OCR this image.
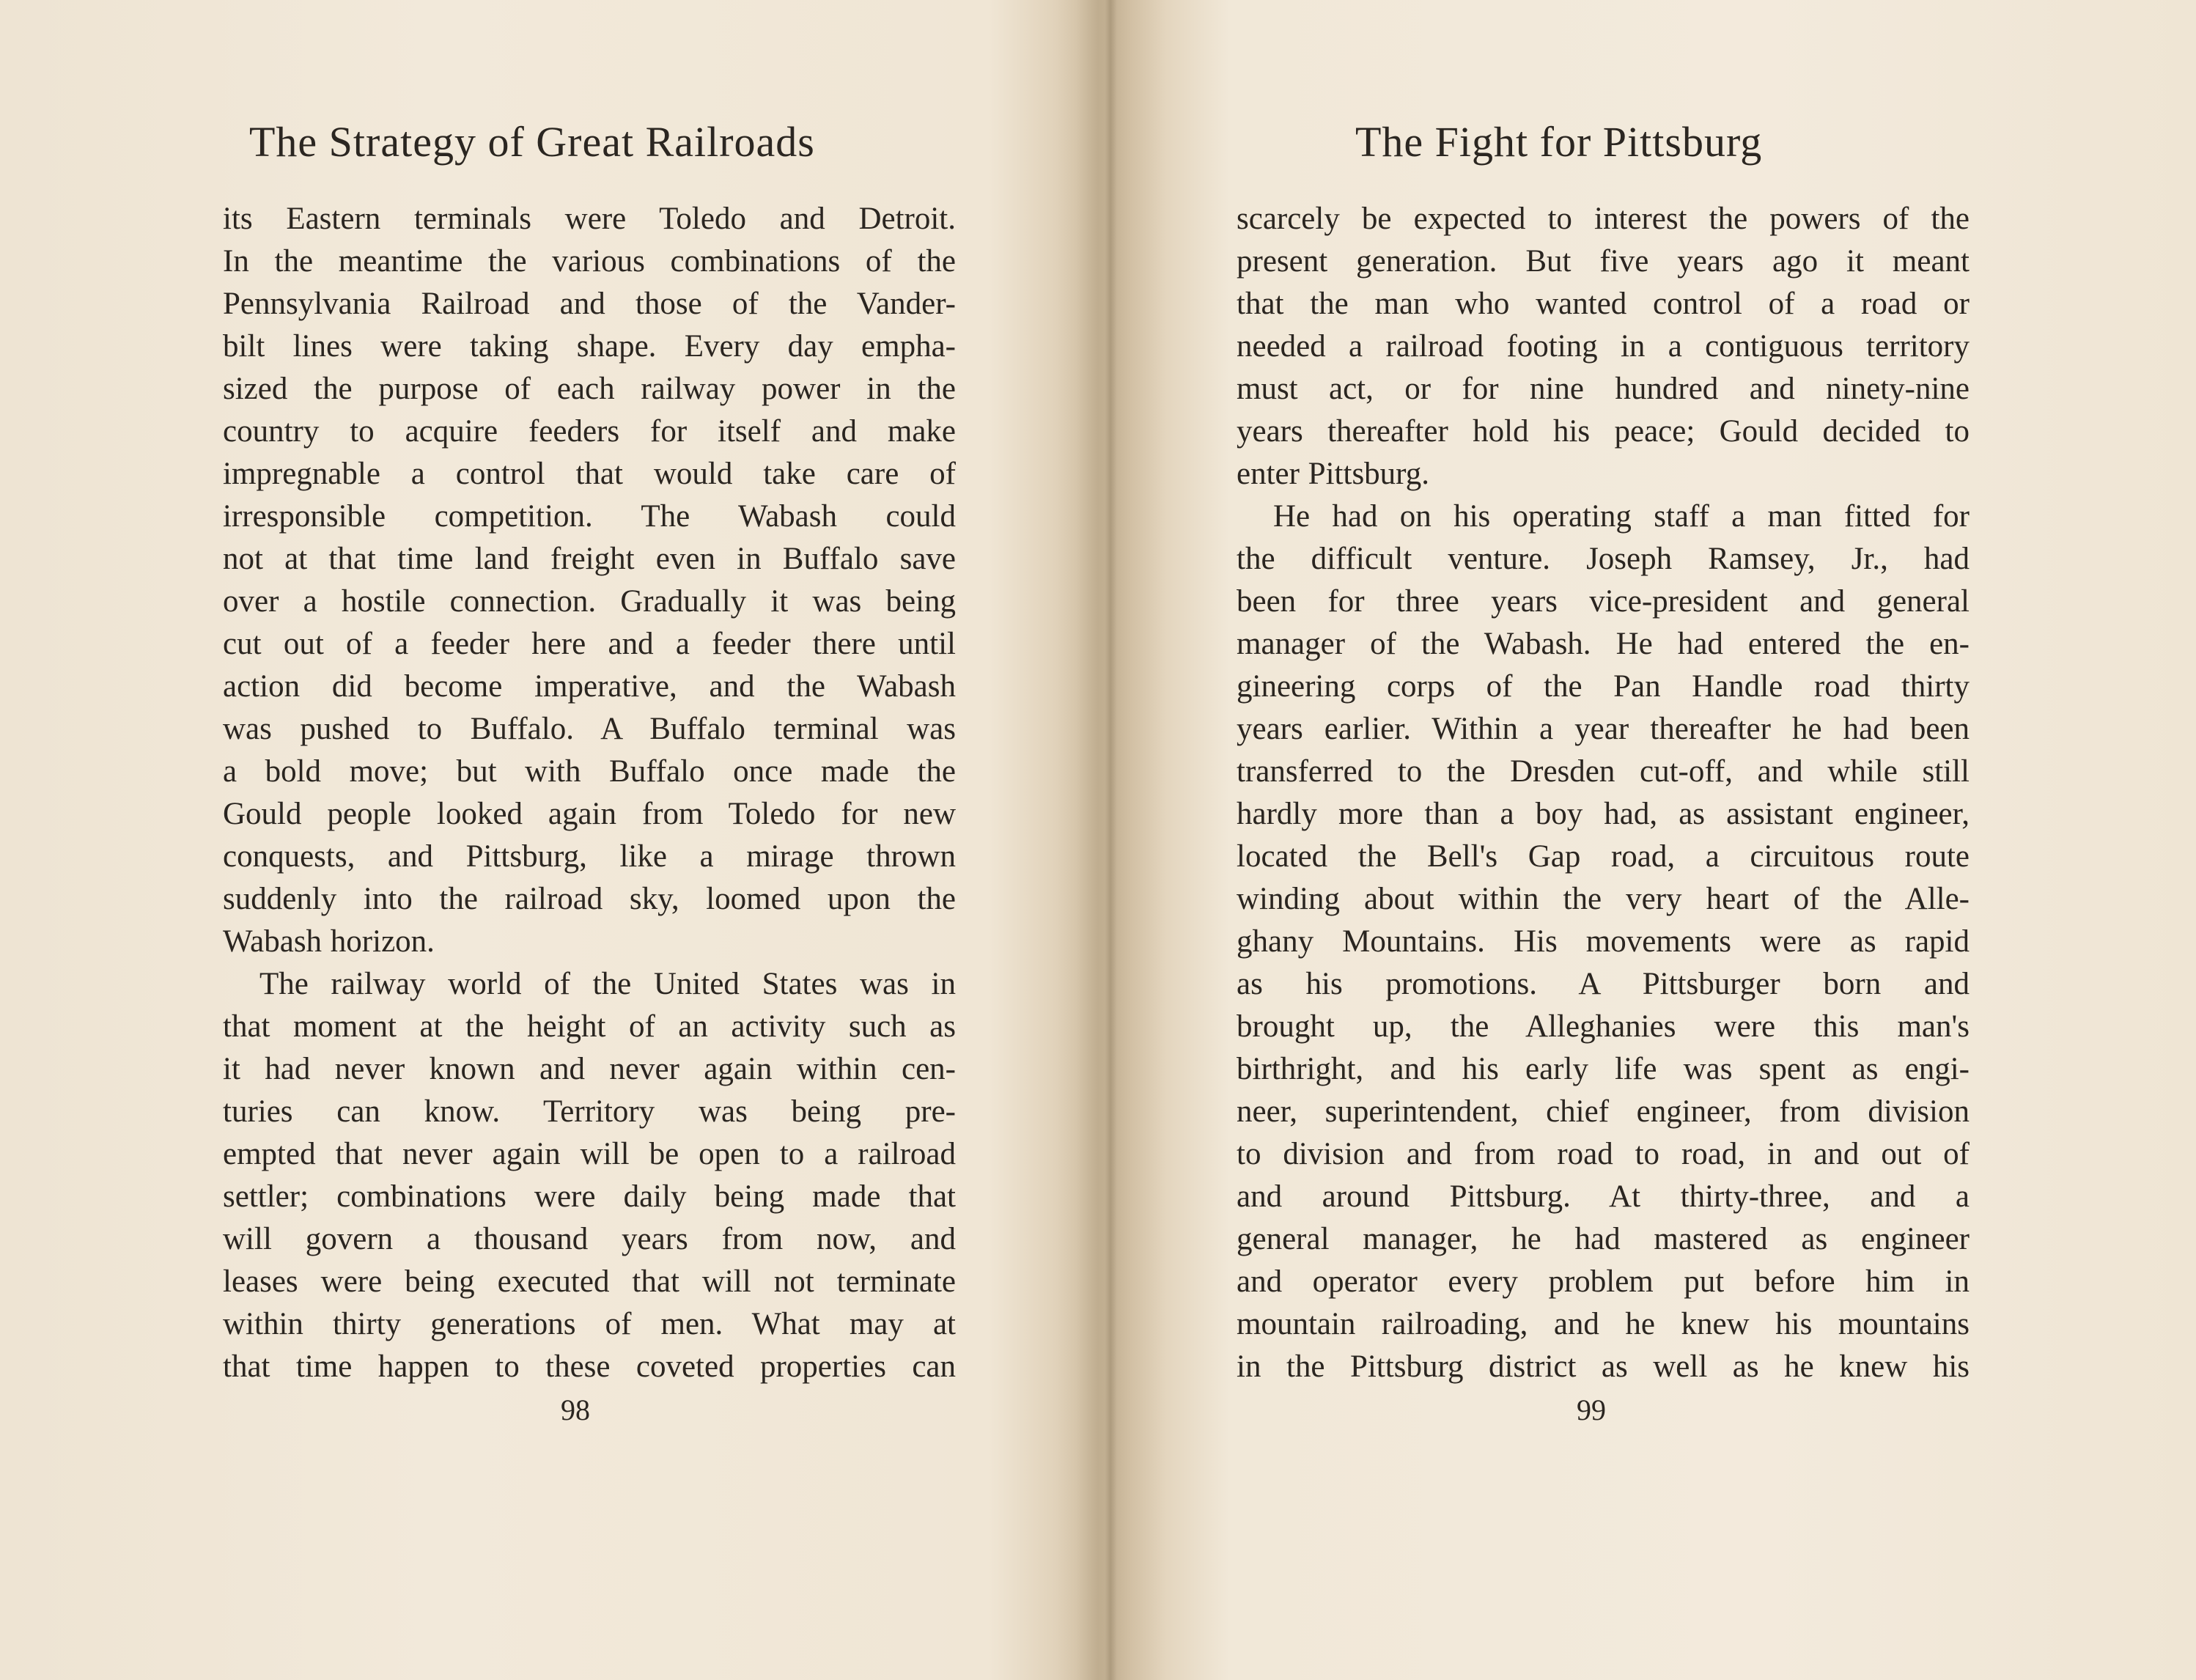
The Strategy of Great Railroads
its Eastern terminals were Toledo and Detroit.
In the meantime the various combinations of the
Pennsylvania Railroad and those of the Vander-
bilt lines were taking shape. Every day empha-
sized the purpose of each railway power in the
country to acquire feeders for itself and make
impregnable a control that would take care of
irresponsible competition. The Wabash could
not at that time land freight even in Buffalo save
over a hostile connection. Gradually it was being
cut out of a feeder here and a feeder there until
action did become imperative, and the Wabash
was pushed to Buffalo. A Buffalo terminal was
a bold move; but with Buffalo once made the
Gould people looked again from Toledo for new
conquests, and Pittsburg, like a mirage thrown
suddenly into the railroad sky, loomed upon the
Wabash horizon.
The railway world of the United States was in
that moment at the height of an activity such as
it had never known and never again within cen-
turies can know. Territory was being pre-
empted that never again will be open to a railroad
settler; combinations were daily being made that
will govern a thousand years from now, and
leases were being executed that will not terminate
within thirty generations of men. What may at
that time happen to these coveted properties can
98
The Fight for Pittsburg
scarcely be expected to interest the powers of the
present generation. But five years ago it meant
that the man who wanted control of a road or
needed a railroad footing in a contiguous territory
must act, or for nine hundred and ninety-nine
years thereafter hold his peace; Gould decided to
enter Pittsburg.
He had on his operating staff a man fitted for
the difficult venture. Joseph Ramsey, Jr., had
been for three years vice-president and general
manager of the Wabash. He had entered the en-
gineering corps of the Pan Handle road thirty
years earlier. Within a year thereafter he had been
transferred to the Dresden cut-off, and while still
hardly more than a boy had, as assistant engineer,
located the Bell's Gap road, a circuitous route
winding about within the very heart of the Alle-
ghany Mountains. His movements were as rapid
as his promotions. A Pittsburger born and
brought up, the Alleghanies were this man's
birthright, and his early life was spent as engi-
neer, superintendent, chief engineer, from division
to division and from road to road, in and out of
and around Pittsburg. At thirty-three, and a
general manager, he had mastered as engineer
and operator every problem put before him in
mountain railroading, and he knew his mountains
in the Pittsburg district as well as he knew his
99
